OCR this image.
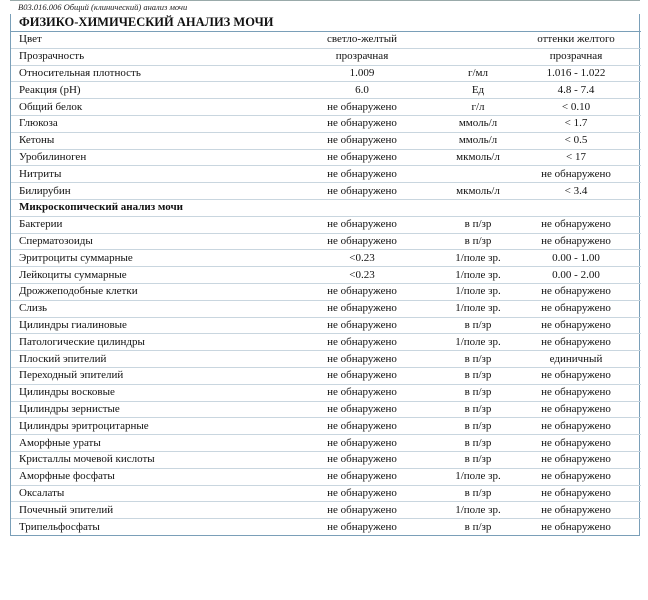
B03.016.006 Общий (клинический) анализ мочи
ФИЗИКО-ХИМИЧЕСКИЙ АНАЛИЗ МОЧИ
Цвет	светло-желтый		оттенки желтого
Прозрачность	прозрачная		прозрачная
Относительная плотность	1.009	г/мл	1.016 - 1.022
Реакция (pH)	6.0	Ед	4.8 - 7.4
Общий белок	не обнаружено	г/л	< 0.10
Глюкоза	не обнаружено	ммоль/л	< 1.7
Кетоны	не обнаружено	ммоль/л	< 0.5
Уробилиноген	не обнаружено	мкмоль/л	< 17
Нитриты	не обнаружено		не обнаружено
Билирубин	не обнаружено	мкмоль/л	< 3.4
Микроскопический анализ мочи			
Бактерии	не обнаружено	в п/зр	не обнаружено
Сперматозоиды	не обнаружено	в п/зр	не обнаружено
Эритроциты суммарные	<0.23	1/поле зр.	0.00 - 1.00
Лейкоциты суммарные	<0.23	1/поле зр.	0.00 - 2.00
Дрожжеподобные клетки	не обнаружено	1/поле зр.	не обнаружено
Слизь	не обнаружено	1/поле зр.	не обнаружено
Цилиндры гиалиновые	не обнаружено	в п/зр	не обнаружено
Патологические цилиндры	не обнаружено	1/поле зр.	не обнаружено
Плоский эпителий	не обнаружено	в п/зр	единичный
Переходный эпителий	не обнаружено	в п/зр	не обнаружено
Цилиндры восковые	не обнаружено	в п/зр	не обнаружено
Цилиндры зернистые	не обнаружено	в п/зр	не обнаружено
Цилиндры эритроцитарные	не обнаружено	в п/зр	не обнаружено
Аморфные ураты	не обнаружено	в п/зр	не обнаружено
Кристаллы мочевой кислоты	не обнаружено	в п/зр	не обнаружено
Аморфные фосфаты	не обнаружено	1/поле зр.	не обнаружено
Оксалаты	не обнаружено	в п/зр	не обнаружено
Почечный эпителий	не обнаружено	1/поле зр.	не обнаружено
Трипельфосфаты	не обнаружено	в п/зр	не обнаружено
